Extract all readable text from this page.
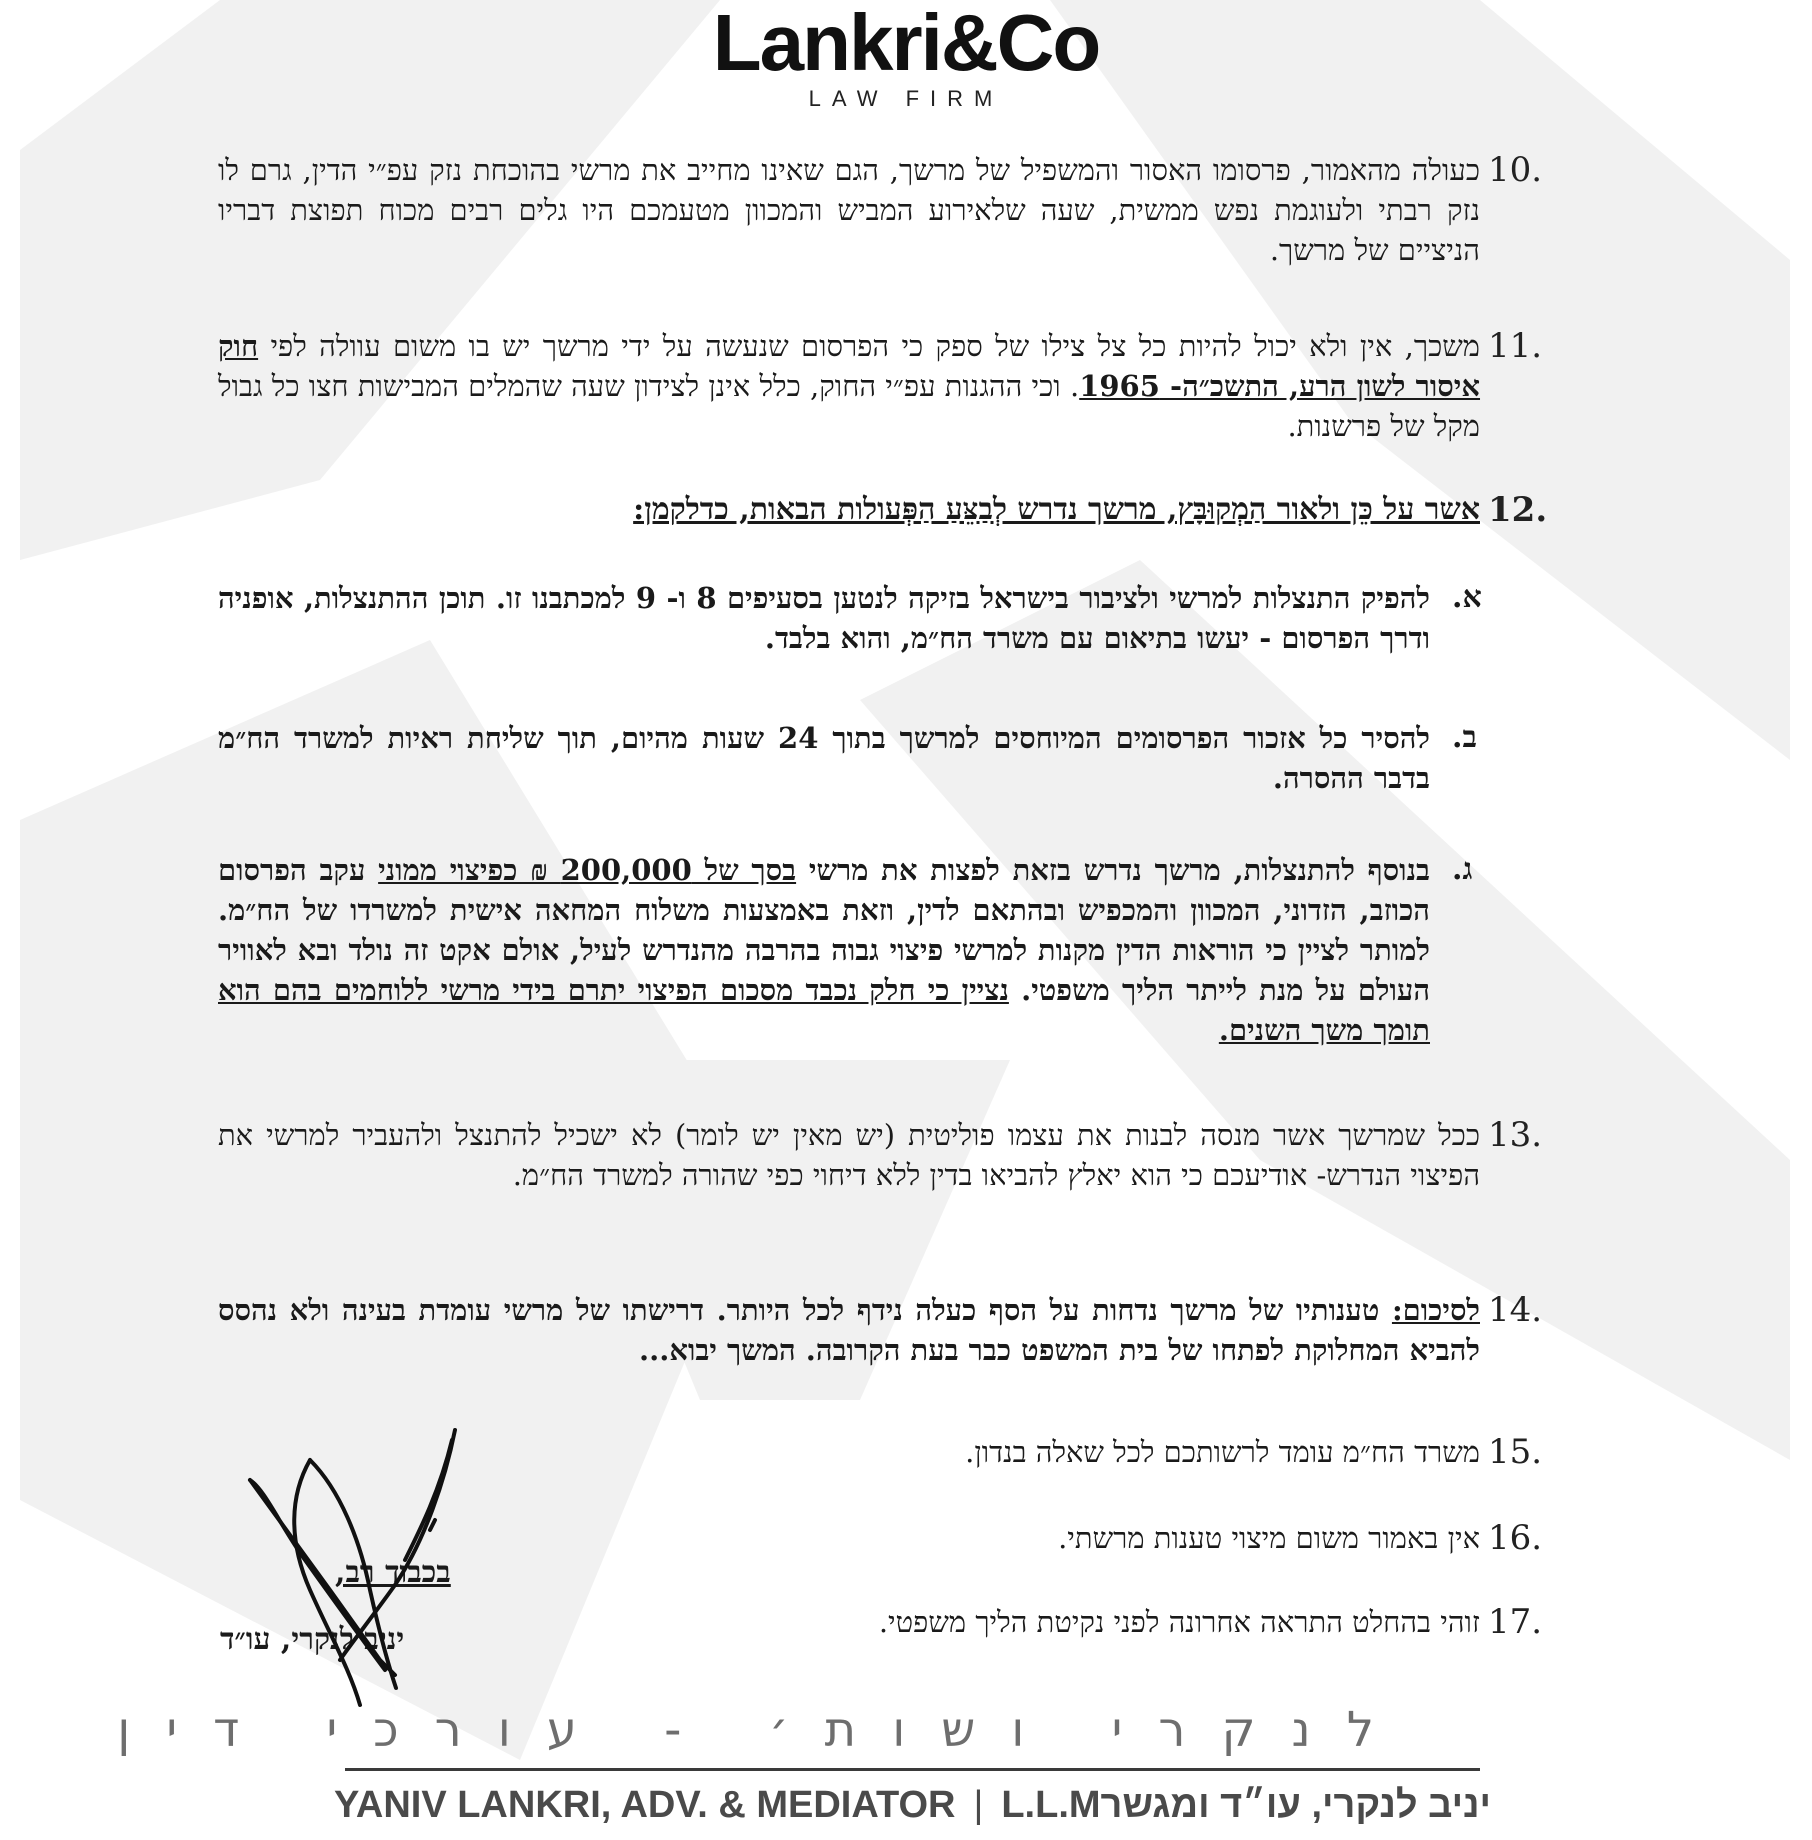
Lankri&Co
LAW FIRM
10.
כעולה מהאמור, פרסומו האסור והמשפיל של מרשך, הגם שאינו מחייב את מרשי בהוכחת נזק עפ״י הדין, גרם לו נזק רבתי ולעוגמת נפש ממשית, שעה שלאירוע המביש והמכוון מטעמכם היו גלים רבים מכוח תפוצת דבריו הניציים של מרשך.
11.
משכך, אין ולא יכול להיות כל צל צילו של ספק כי הפרסום שנעשה על ידי מרשך יש בו משום עוולה לפי חוק איסור לשון הרע, התשכ״ה- 1965. וכי ההגנות עפ״י החוק, כלל אינן לצידון שעה שהמלים המבישות חצו כל גבול מקל של פרשנות.
12.
אשר על כֵּן ולאור הַמְקוּבָּץ, מרשך נדרש לְבַצֵּעַ הַפְּעולות הבאות, כדלקמן:
א.
להפיק התנצלות למרשי ולציבור בישראל בזיקה לנטען בסעיפים 8 ו- 9 למכתבנו זו. תוכן ההתנצלות, אופניה ודרך הפרסום - יעשו בתיאום עם משרד הח״מ, והוא בלבד.
ב.
להסיר כל אזכור הפרסומים המיוחסים למרשך בתוך 24 שעות מהיום, תוך שליחת ראיות למשרד הח״מ בדבר ההסרה.
ג.
בנוסף להתנצלות, מרשך נדרש בזאת לפצות את מרשי בסך של 200,000 ₪ כפיצוי ממוני עקב הפרסום הכוזב, הזדוני, המכוון והמכפיש ובהתאם לדין, וזאת באמצעות משלוח המחאה אישית למשרדו של הח״מ. למותר לציין כי הוראות הדין מקנות למרשי פיצוי גבוה בהרבה מהנדרש לעיל, אולם אקט זה נולד ובא לאוויר העולם על מנת לייתר הליך משפטי. נציין כי חלק נכבד מסכום הפיצוי יתרם בידי מרשי ללוחמים בהם הוא תומך משך השנים.
13.
ככל שמרשך אשר מנסה לבנות את עצמו פוליטית (יש מאין יש לומר) לא ישכיל להתנצל ולהעביר למרשי את הפיצוי הנדרש- אודיעכם כי הוא יאלץ להביאו בדין ללא דיחוי כפי שהורה למשרד הח״מ.
14.
לסיכום: טענותיו של מרשך נדחות על הסף כעלה נידף לכל היותר. דרישתו של מרשי עומדת בעינה ולא נהסס להביא המחלוקת לפתחו של בית המשפט כבר בעת הקרובה. המשך יבוא...
15.
משרד הח״מ עומד לרשותכם לכל שאלה בנדון.
16.
אין באמור משום מיצוי טענות מרשתי.
17.
זוהי בהחלט התראה אחרונה לפני נקיטת הליך משפטי.
בכבוד רב,
יניב לנקרי, עו״ד
לנקרי ושות׳ - עורכי דין
YANIV LANKRI, ADV. & MEDIATOR | L.L.M יניב לנקרי, עו״ד ומגשר
